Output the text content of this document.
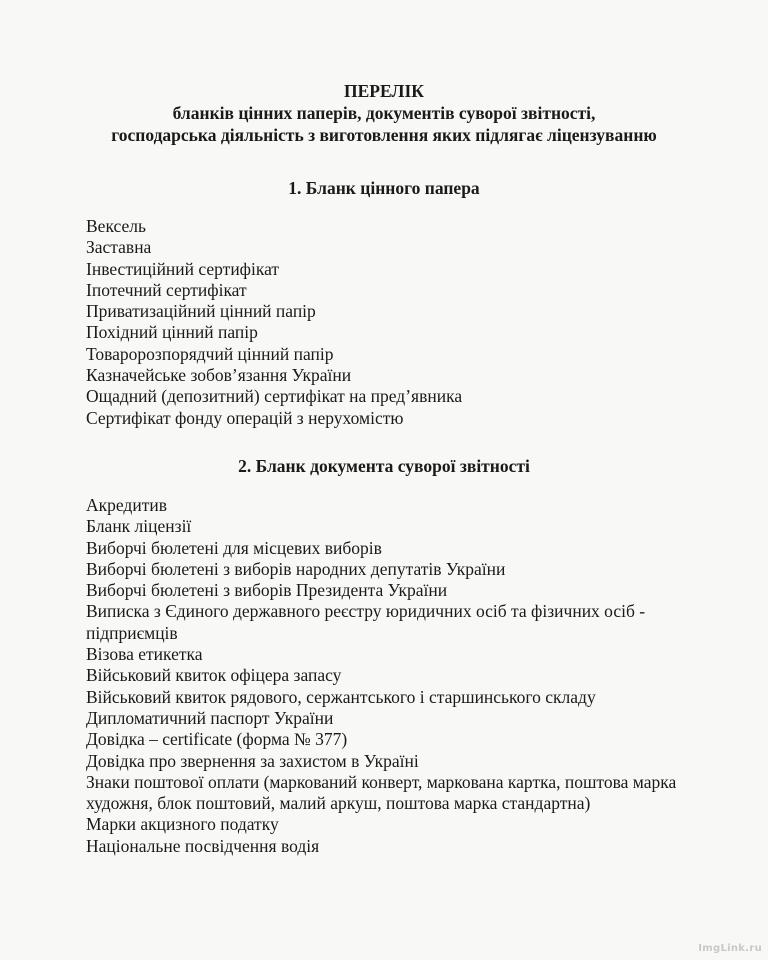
ПЕРЕЛІК
бланків цінних паперів, документів суворої звітності,
господарська діяльність з виготовлення яких підлягає ліцензуванню
1. Бланк цінного папера
Вексель
Заставна
Інвестиційний сертифікат
Іпотечний сертифікат
Приватизаційний цінний папір
Похідний цінний папір
Товаророзпорядчий цінний папір
Казначейське зобов’язання України
Ощадний (депозитний) сертифікат на пред’явника
Сертифікат фонду операцій з нерухомістю
2. Бланк документа суворої звітності
Акредитив
Бланк ліцензії
Виборчі бюлетені для місцевих виборів
Виборчі бюлетені з виборів народних депутатів України
Виборчі бюлетені з виборів Президента України
Виписка з Єдиного державного реєстру юридичних осіб та фізичних осіб -
підприємців
Візова етикетка
Військовий квиток офіцера запасу
Військовий квиток рядового, сержантського і старшинського складу
Дипломатичний паспорт України
Довідка – certificate (форма № 377)
Довідка про звернення за захистом в Україні
Знаки поштової оплати (маркований конверт, маркована картка, поштова марка
художня, блок поштовий, малий аркуш, поштова марка стандартна)
Марки акцизного податку
Національне посвідчення водія
ImgLink.ru
